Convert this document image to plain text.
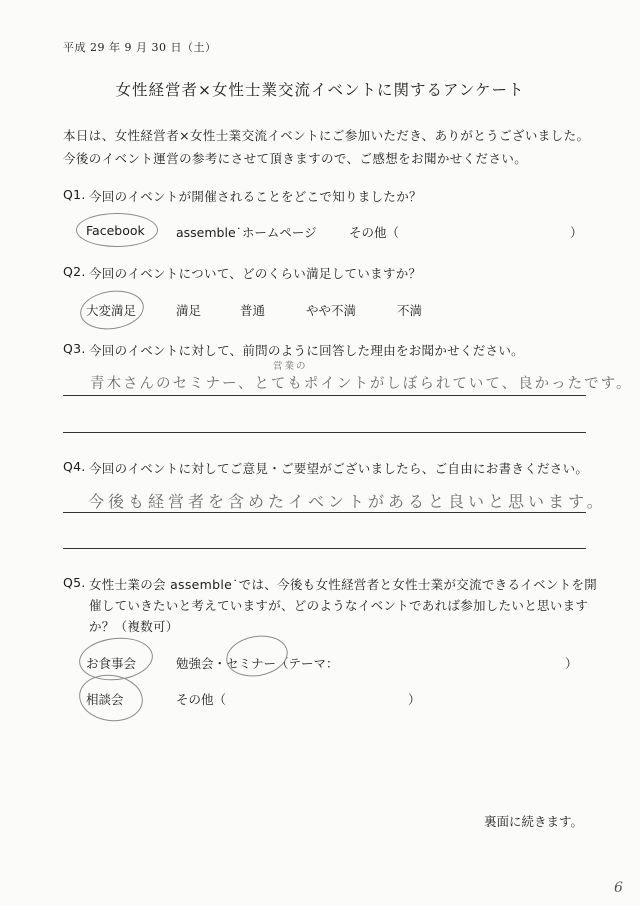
平成 29 年 9 月 30 日（土）
女性経営者×女性士業交流イベントに関するアンケート
本日は、女性経営者×女性士業交流イベントにご参加いただき、ありがとうございました。
今後のイベント運営の参考にさせて頂きますので、ご感想をお聞かせください。
Q1. 今回のイベントが開催されることをどこで知りましたか？
Facebook	assemble˙ホームページ	その他（	）
Q2. 今回のイベントについて、どのくらい満足していますか？
大変満足	満足	普通	やや不満	不満
Q3. 今回のイベントに対して、前問のように回答した理由をお聞かせください。
営業の
青木さんのセミナー、とてもポイントがしぼられていて、良かったです。
Q4. 今回のイベントに対してご意見・ご要望がございましたら、ご自由にお書きください。
今後も経営者を含めたイベントがあると良いと思います。
Q5. 女性士業の会 assemble˙では、今後も女性経営者と女性士業が交流できるイベントを開
催していきたいと考えていますが、どのようなイベントであれば参加したいと思います
か？（複数可）
お食事会	勉強会・セミナー（テーマ：	）
相談会	その他（	）
裏面に続きます。
6
